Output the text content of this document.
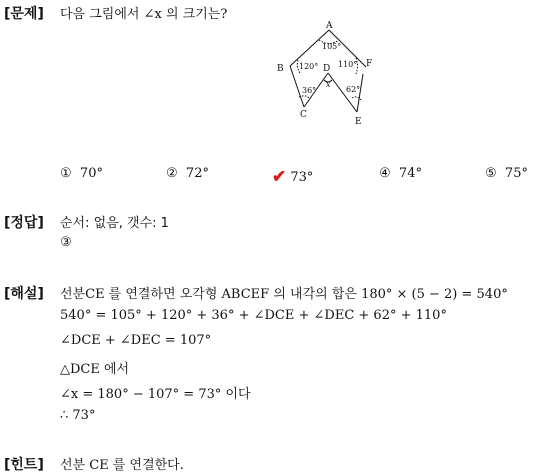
[문제] 다음 그림에서 ∠x 의 크기는?
A
B
C
D
E
F
105°
120°
36°
110°
62°
x
① 70°	② 72°	✔ 73°	④ 74°	⑤ 75°
[정답] 순서: 없음, 갯수: 1
③
[해설] 선분CE 를 연결하면 오각형 ABCEF 의 내각의 합은 180° × (5 − 2) = 540°
540° = 105° + 120° + 36° + ∠DCE + ∠DEC + 62° + 110°
∠DCE + ∠DEC = 107°
△DCE 에서
∠x = 180° − 107° = 73° 이다
∴ 73°
[힌트] 선분 CE 를 연결한다.
